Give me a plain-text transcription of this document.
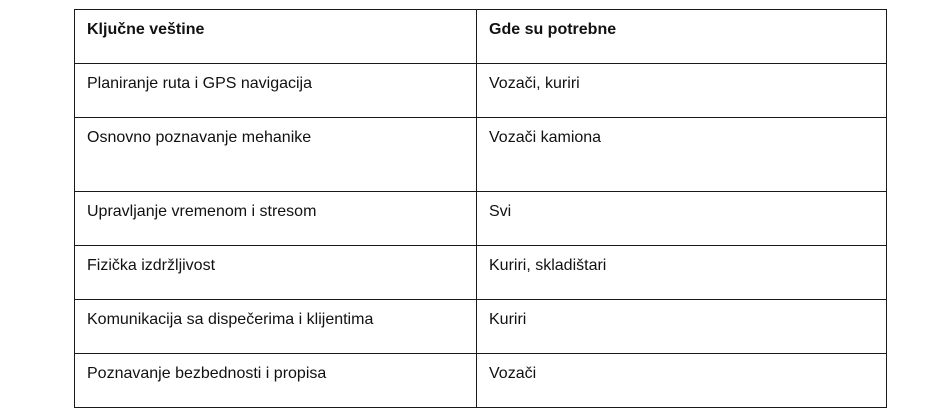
Ključne veštine	Gde su potrebne
Planiranje ruta i GPS navigacija	Vozači, kuriri
Osnovno poznavanje mehanike	Vozači kamiona
Upravljanje vremenom i stresom	Svi
Fizička izdržljivost	Kuriri, skladištari
Komunikacija sa dispečerima i klijentima	Kuriri
Poznavanje bezbednosti i propisa	Vozači
